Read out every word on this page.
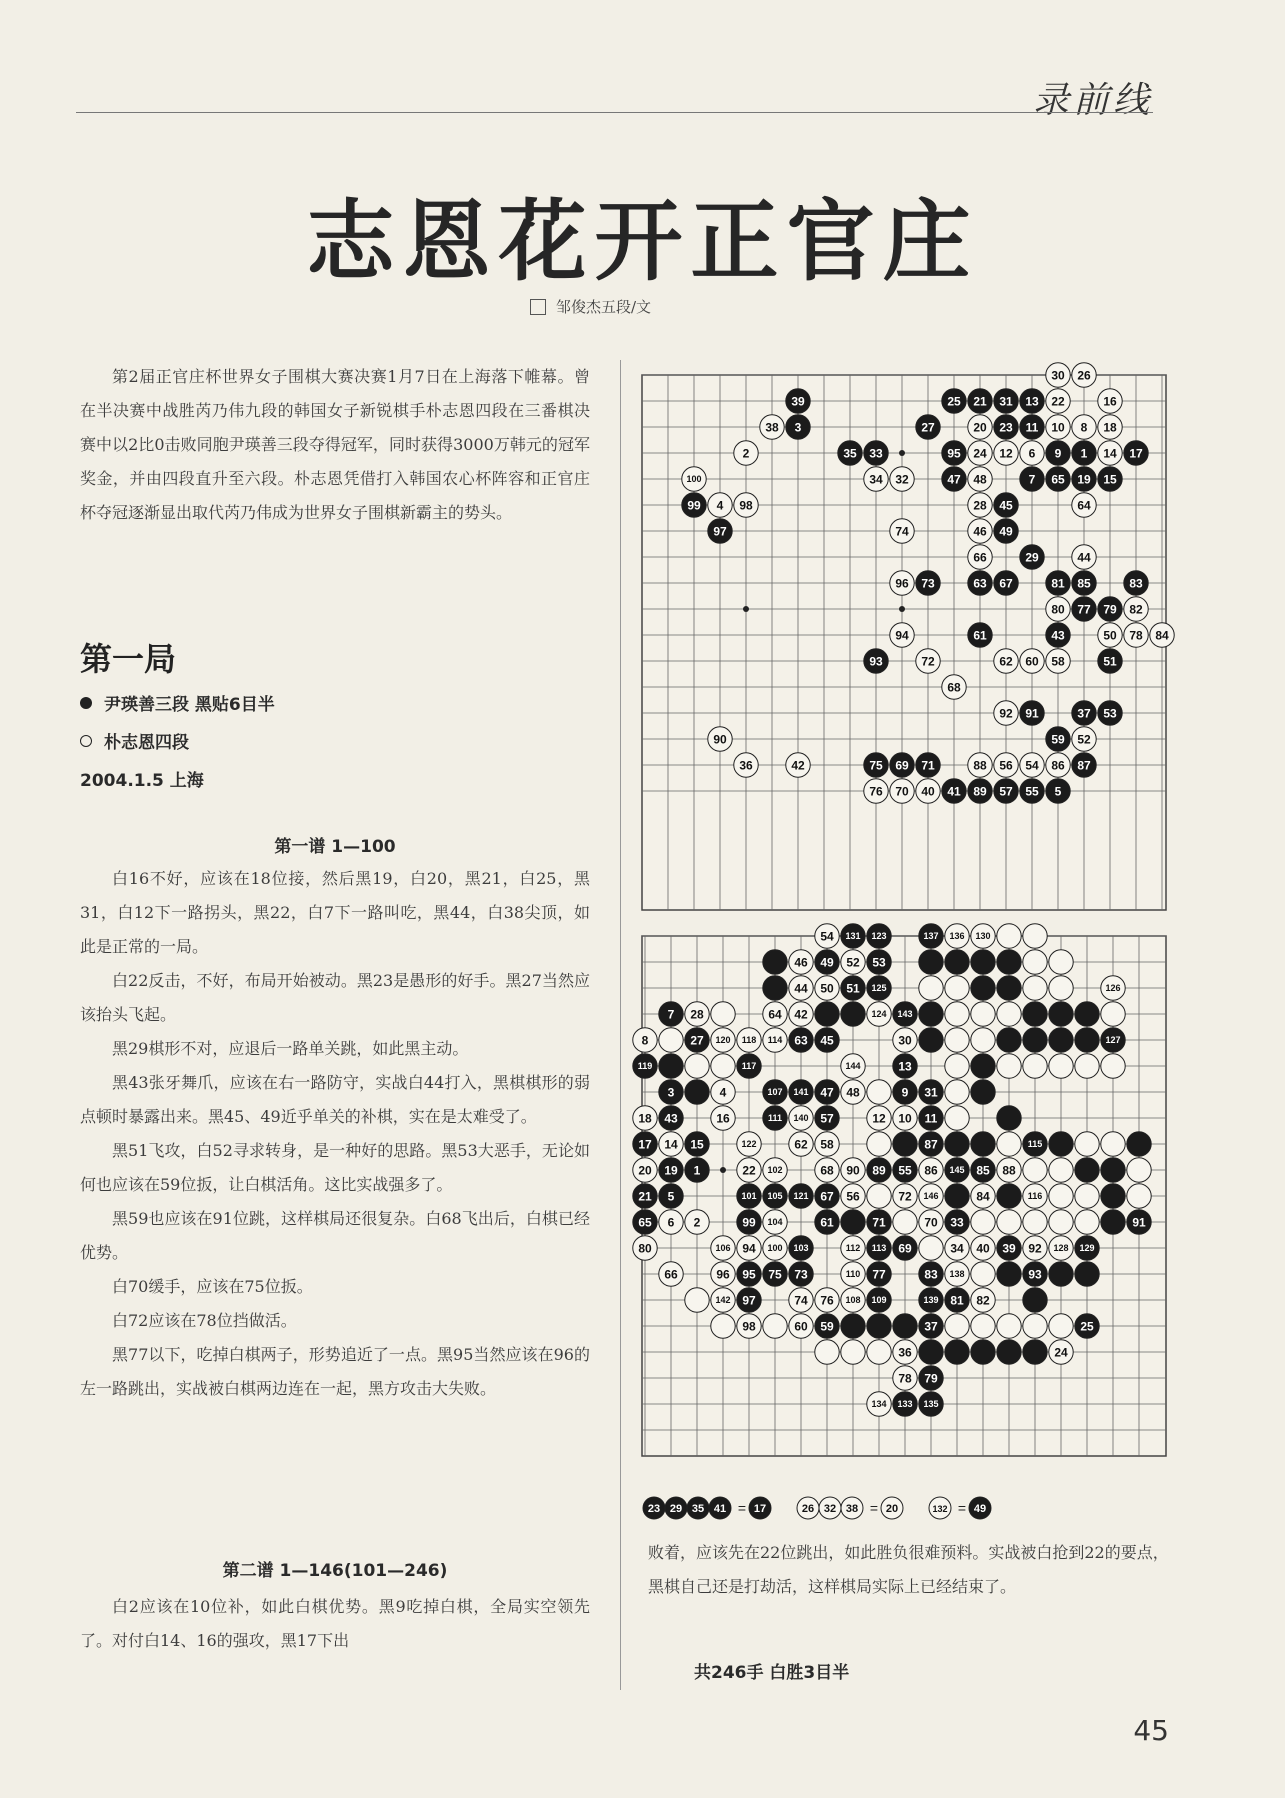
录前线
志恩花开正官庄
邹俊杰五段/文

第2届正官庄杯世界女子围棋大赛决赛1月7日在上海落下帷幕。曾在半决赛中战胜芮乃伟九段的韩国女子新锐棋手朴志恩四段在三番棋决赛中以2比0击败同胞尹瑛善三段夺得冠军，同时获得3000万韩元的冠军奖金，并由四段直升至六段。朴志恩凭借打入韩国农心杯阵容和正官庄杯夺冠逐渐显出取代芮乃伟成为世界女子围棋新霸主的势头。

第一局
尹瑛善三段 黑贴6目半
朴志恩四段
2004.1.5 上海
第一谱 1—100

白16不好，应该在18位接，然后黑19，白20，黑21，白25，黑31，白12下一路拐头，黑22，白7下一路叫吃，黑44，白38尖顶，如此是正常的一局。

白22反击，不好，布局开始被动。黑23是愚形的好手。黑27当然应该抬头飞起。

黑29棋形不对，应退后一路单关跳，如此黑主动。

黑43张牙舞爪，应该在右一路防守，实战白44打入，黑棋棋形的弱点顿时暴露出来。黑45、49近乎单关的补棋，实在是太难受了。

黑51飞攻，白52寻求转身，是一种好的思路。黑53大恶手，无论如何也应该在59位扳，让白棋活角。这比实战强多了。

黑59也应该在91位跳，这样棋局还很复杂。白68飞出后，白棋已经优势。

白70缓手，应该在75位扳。

白72应该在78位挡做活。

黑77以下，吃掉白棋两子，形势追近了一点。黑95当然应该在96的左一路跳出，实战被白棋两边连在一起，黑方攻击大失败。

第二谱 1—146(101—246)

白2应该在10位补，如此白棋优势。黑9吃掉白棋，全局实空领先了。对付白14、16的强攻，黑17下出

30 26
39	25 21 31 13 22	16
38 3	27	20 23 11 10 8 18
2	35 33	95 24 12 6 9 1 14 17
100	34 32	47 48	7 65 19 15
99 4 98	28 45	64
97	74	46 49
66	29	44
96 73	63 67	81 85	83
80 77 79 82
94	61	43	50 78 84
93	72	62 60 58	51
68
92 91	37 53
90	59 52
36	42	75 69 71	88 56 54 86 87
76 70 40 41 89 57 55 5
54 131 123	137 136 130
46 49 52 53
44 50 51 125	126
7 28	64 42	124 143
8	27 120 118 114 63 45	30	127
119	117	144	13
3	4	107 141 47 48	9 31
18 43	16	111 140 57	12 10 11
17 14 15	122	62 58	87	115
20 19 1	22 102	68 90 89 55 86 145 85 88
21 5	101 105 121 67 56	72 146	84	116
65 6 2	99 104	61	71	70 33	91
80	106 94 100 103	112 113 69	34 40 39 92 128 129
66	96 95 75 73	110 77	83 138	93
142 97	74 76 108 109	139 81 82
98	60 59	37	25
36	24
78 79
134 133 135
23 29 35 41 = 17	26 32 38 = 20	132 = 49

败着，应该先在22位跳出，如此胜负很难预料。实战被白抢到22的要点，黑棋自己还是打劫活，这样棋局实际上已经结束了。

共246手 白胜3目半
45
